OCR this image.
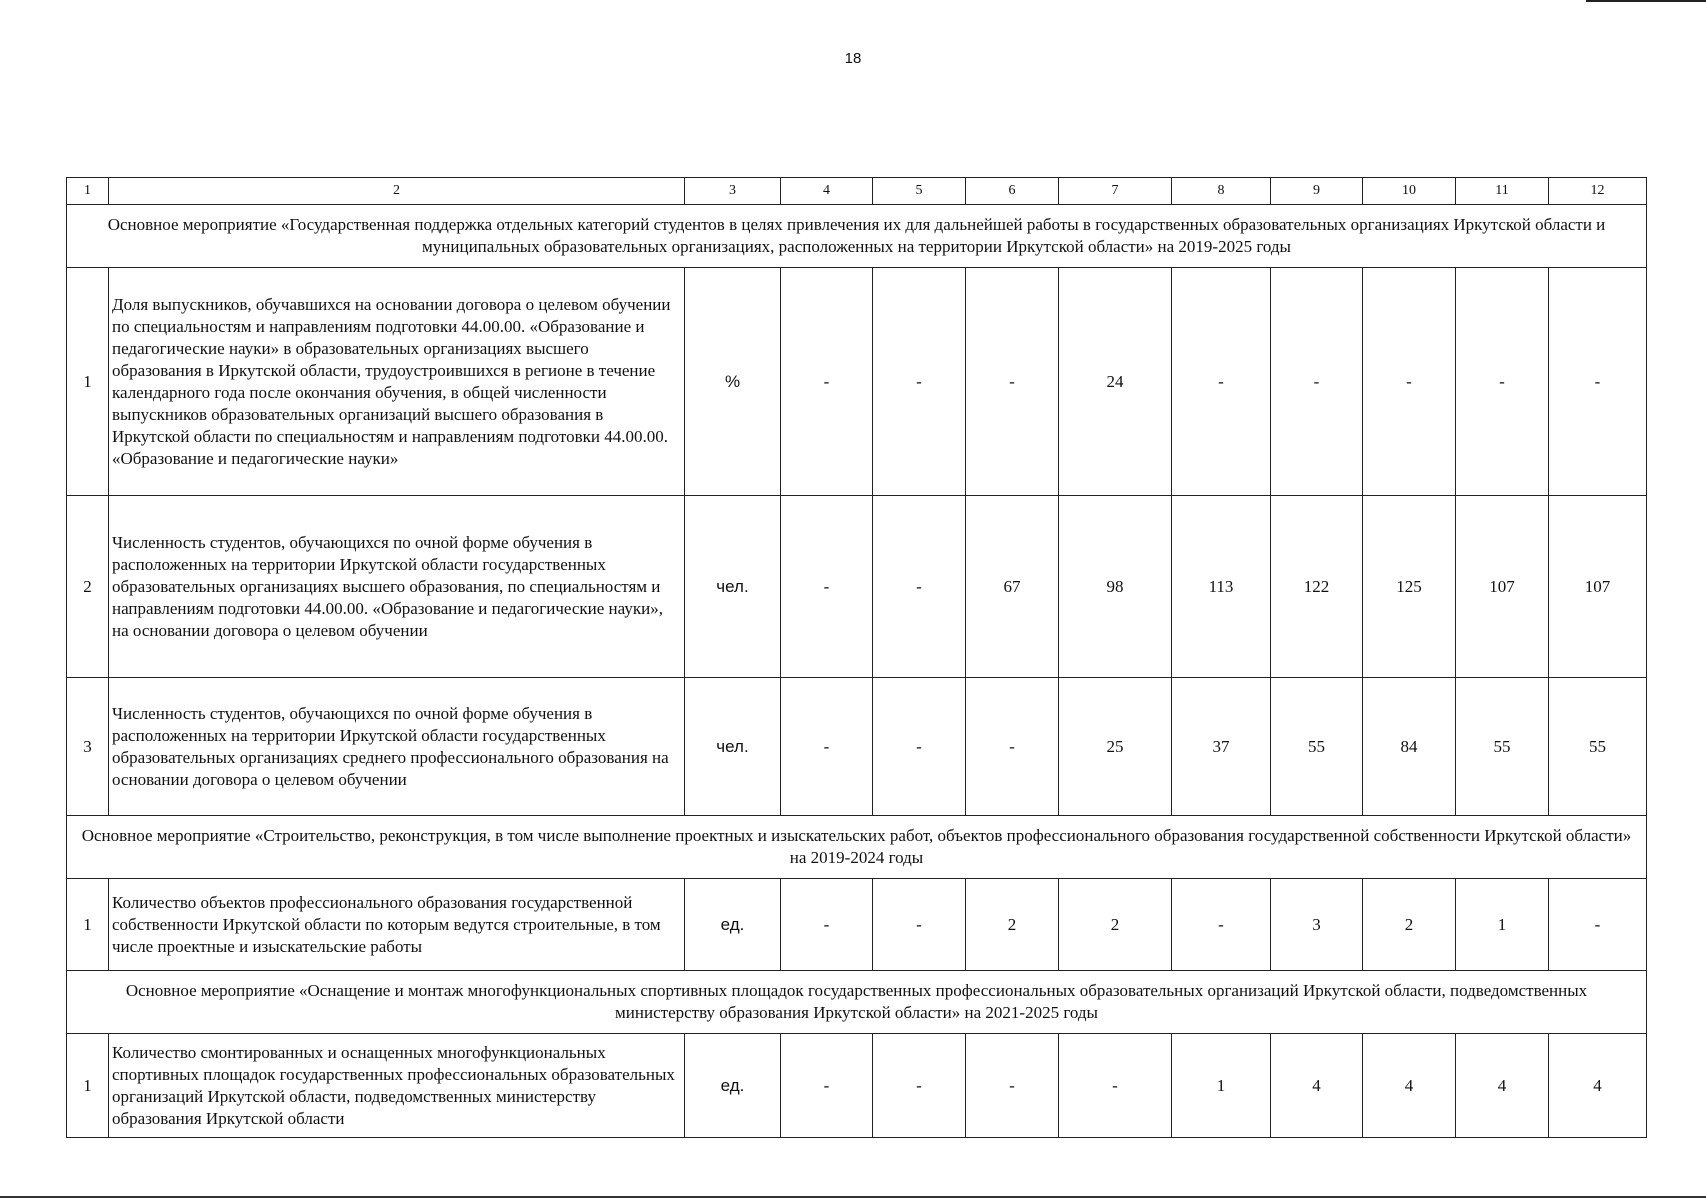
18
1	2	3	4	5	6	7	8	9	10	11	12
Основное мероприятие «Государственная поддержка отдельных категорий студентов в целях привлечения их для дальнейшей работы в государственных образовательных организациях Иркутской области и муниципальных образовательных организациях, расположенных на территории Иркутской области» на 2019-2025 годы											
1	Доля выпускников, обучавшихся на основании договора о целевом обучении по специальностям и направлениям подготовки 44.00.00. «Образование и педагогические науки» в образовательных организациях высшего образования в Иркутской области, трудоустроившихся в регионе в течение календарного года после окончания обучения, в общей численности выпускников образовательных организаций высшего образования в Иркутской области по специальностям и направлениям подготовки 44.00.00. «Образование и педагогические науки»	%	-	-	-	24	-	-	-	-	-
2	Численность студентов, обучающихся по очной форме обучения в расположенных на территории Иркутской области государственных образовательных организациях высшего образования, по специальностям и направлениям подготовки 44.00.00. «Образование и педагогические науки», на основании договора о целевом обучении	чел.	-	-	67	98	113	122	125	107	107
3	Численность студентов, обучающихся по очной форме обучения в расположенных на территории Иркутской области государственных образовательных организациях среднего профессионального образования на основании договора о целевом обучении	чел.	-	-	-	25	37	55	84	55	55
Основное мероприятие «Строительство, реконструкция, в том числе выполнение проектных и изыскательских работ, объектов профессионального образования государственной собственности Иркутской области» на 2019-2024 годы											
1	Количество объектов профессионального образования государственной собственности Иркутской области по которым ведутся строительные, в том числе проектные и изыскательские работы	ед.	-	-	2	2	-	3	2	1	-
Основное мероприятие «Оснащение и монтаж многофункциональных спортивных площадок государственных профессиональных образовательных организаций Иркутской области, подведомственных министерству образования Иркутской области» на 2021-2025 годы											
1	Количество смонтированных и оснащенных многофункциональных спортивных площадок государственных профессиональных образовательных организаций Иркутской области, подведомственных министерству образования Иркутской области	ед.	-	-	-	-	1	4	4	4	4
